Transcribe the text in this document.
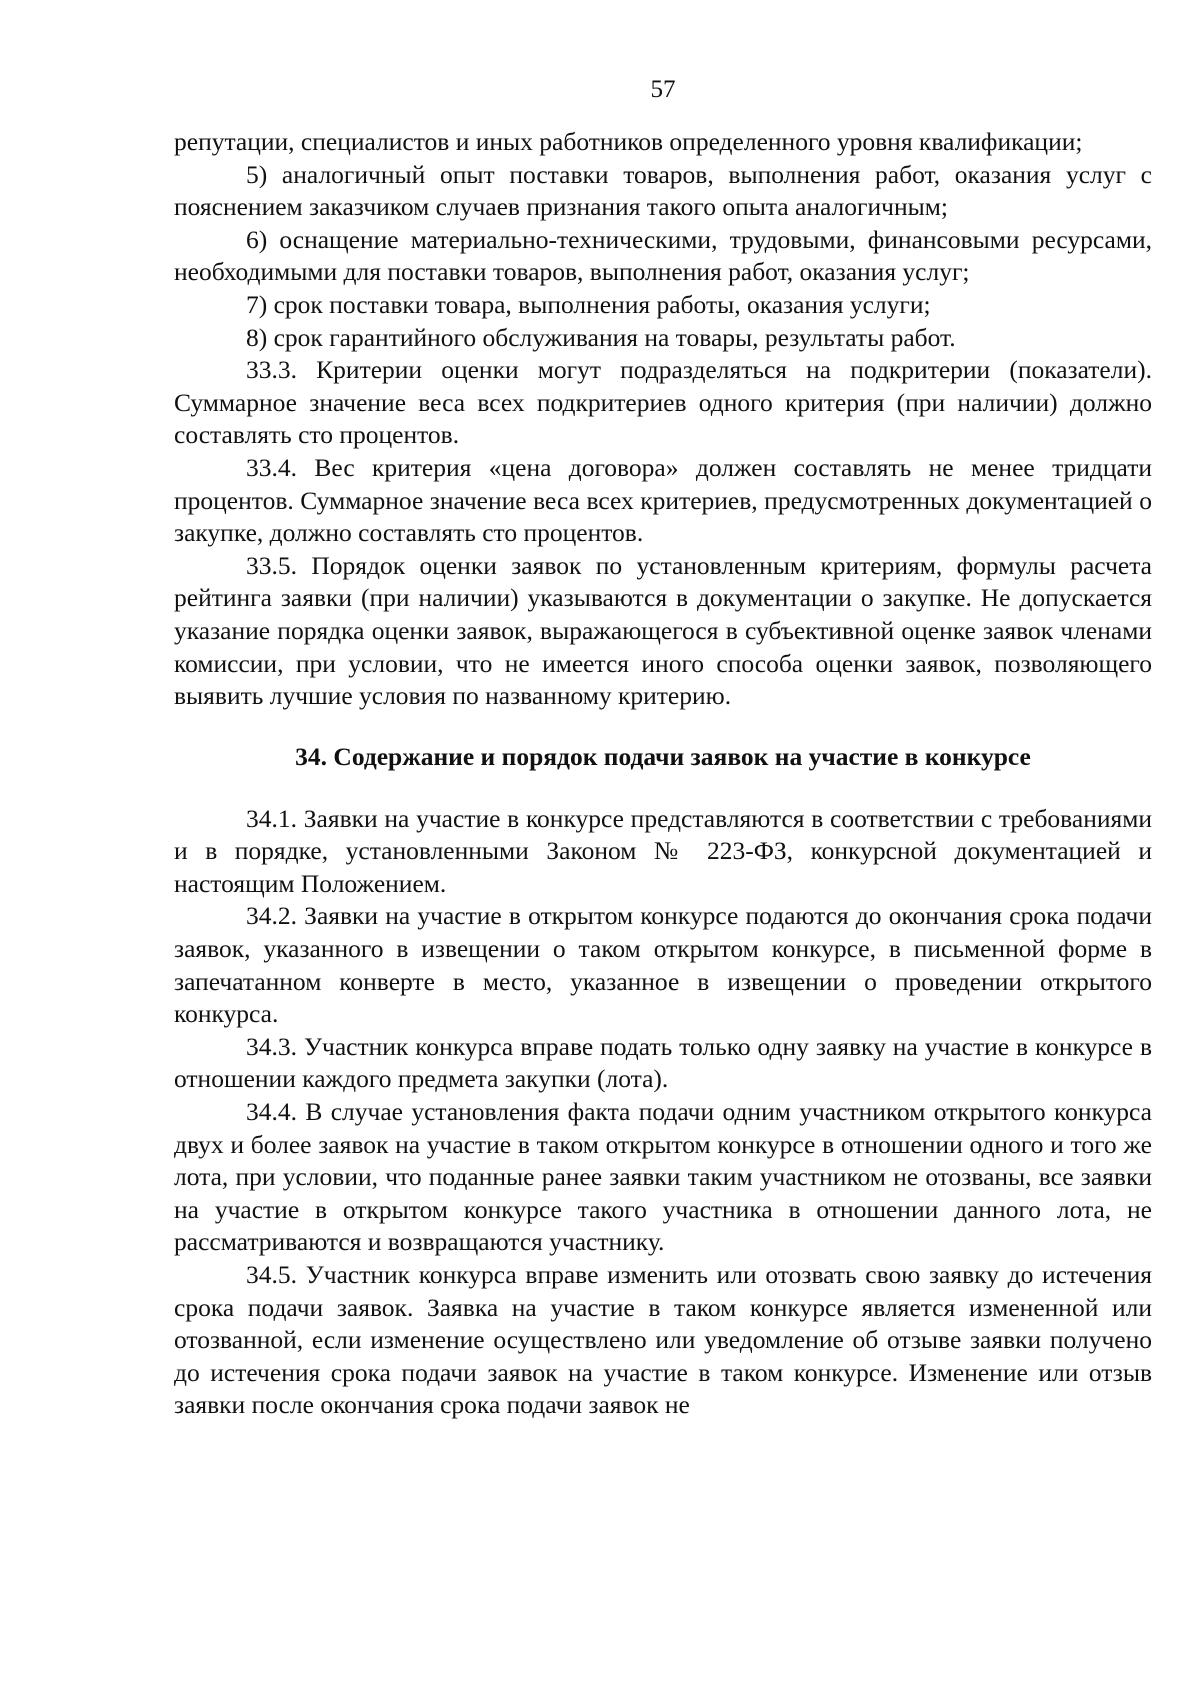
57

репутации, специалистов и иных работников определенного уровня квалификации;

5) аналогичный опыт поставки товаров, выполнения работ, оказания услуг с пояснением заказчиком случаев признания такого опыта аналогичным;

6) оснащение материально-техническими, трудовыми, финансовыми ресурсами, необходимыми для поставки товаров, выполнения работ, оказания услуг;

7) срок поставки товара, выполнения работы, оказания услуги;

8) срок гарантийного обслуживания на товары, результаты работ.

33.3. Критерии оценки могут подразделяться на подкритерии (показатели). Суммарное значение веса всех подкритериев одного критерия (при наличии) должно составлять сто процентов.

33.4. Вес критерия «цена договора» должен составлять не менее тридцати процентов. Суммарное значение веса всех критериев, предусмотренных документацией о закупке, должно составлять сто процентов.

33.5. Порядок оценки заявок по установленным критериям, формулы расчета рейтинга заявки (при наличии) указываются в документации о закупке. Не допускается указание порядка оценки заявок, выражающегося в субъективной оценке заявок членами комиссии, при условии, что не имеется иного способа оценки заявок, позволяющего выявить лучшие условия по названному критерию.

34. Содержание и порядок подачи заявок на участие в конкурсе

34.1. Заявки на участие в конкурсе представляются в соответствии с требованиями и в порядке, установленными Законом № 223-ФЗ, конкурсной документацией и настоящим Положением.

34.2. Заявки на участие в открытом конкурсе подаются до окончания срока подачи заявок, указанного в извещении о таком открытом конкурсе, в письменной форме в запечатанном конверте в место, указанное в извещении о проведении открытого конкурса.

34.3. Участник конкурса вправе подать только одну заявку на участие в конкурсе в отношении каждого предмета закупки (лота).

34.4. В случае установления факта подачи одним участником открытого конкурса двух и более заявок на участие в таком открытом конкурсе в отношении одного и того же лота, при условии, что поданные ранее заявки таким участником не отозваны, все заявки на участие в открытом конкурсе такого участника в отношении данного лота, не рассматриваются и возвращаются участнику.

34.5. Участник конкурса вправе изменить или отозвать свою заявку до истечения срока подачи заявок. Заявка на участие в таком конкурсе является измененной или отозванной, если изменение осуществлено или уведомление об отзыве заявки получено до истечения срока подачи заявок на участие в таком конкурсе. Изменение или отзыв заявки после окончания срока подачи заявок не
